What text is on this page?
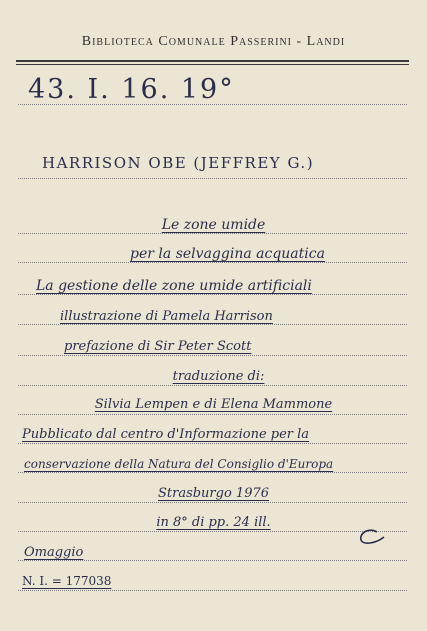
Biblioteca Comunale Passerini - Landi
43. I. 16. 19°
HARRISON OBE (JEFFREY G.)
Le zone umide
per la selvaggina acquatica
La gestione delle zone umide artificiali
illustrazione di Pamela Harrison
prefazione di Sir Peter Scott
traduzione di:
Silvia Lempen e di Elena Mammone
Pubblicato dal centro d'Informazione per la
conservazione della Natura del Consiglio d'Europa
Strasburgo 1976
in 8° di pp. 24 ill.
Omaggio
N. I. = 177038
